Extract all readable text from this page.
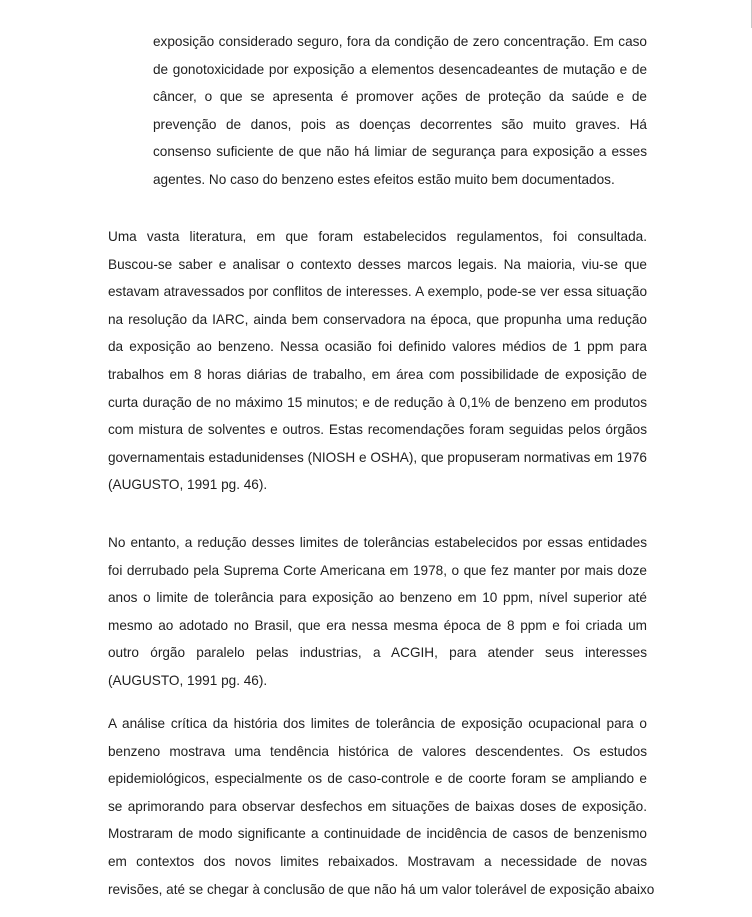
exposição considerado seguro, fora da condição de zero concentração. Em caso
de gonotoxicidade por exposição a elementos desencadeantes de mutação e de
câncer, o que se apresenta é promover ações de proteção da saúde e de
prevenção de danos, pois as doenças decorrentes são muito graves. Há
consenso suficiente de que não há limiar de segurança para exposição a esses
agentes. No caso do benzeno estes efeitos estão muito bem documentados.
Uma vasta literatura, em que foram estabelecidos regulamentos, foi consultada.
Buscou-se saber e analisar o contexto desses marcos legais. Na maioria, viu-se que
estavam atravessados por conflitos de interesses. A exemplo, pode-se ver essa situação
na resolução da IARC, ainda bem conservadora na época, que propunha uma redução
da exposição ao benzeno. Nessa ocasião foi definido valores médios de 1 ppm para
trabalhos em 8 horas diárias de trabalho, em área com possibilidade de exposição de
curta duração de no máximo 15 minutos; e de redução à 0,1% de benzeno em produtos
com mistura de solventes e outros. Estas recomendações foram seguidas pelos órgãos
governamentais estadunidenses (NIOSH e OSHA), que propuseram normativas em 1976
(AUGUSTO, 1991 pg. 46).
No entanto, a redução desses limites de tolerâncias estabelecidos por essas entidades
foi derrubado pela Suprema Corte Americana em 1978, o que fez manter por mais doze
anos o limite de tolerância para exposição ao benzeno em 10 ppm, nível superior até
mesmo ao adotado no Brasil, que era nessa mesma época de 8 ppm e foi criada um
outro órgão paralelo pelas industrias, a ACGIH, para atender seus interesses
(AUGUSTO, 1991 pg. 46).
A análise crítica da história dos limites de tolerância de exposição ocupacional para o
benzeno mostrava uma tendência histórica de valores descendentes. Os estudos
epidemiológicos, especialmente os de caso-controle e de coorte foram se ampliando e
se aprimorando para observar desfechos em situações de baixas doses de exposição.
Mostraram de modo significante a continuidade de incidência de casos de benzenismo
em contextos dos novos limites rebaixados. Mostravam a necessidade de novas
revisões, até se chegar à conclusão de que não há um valor tolerável de exposição abaixo
